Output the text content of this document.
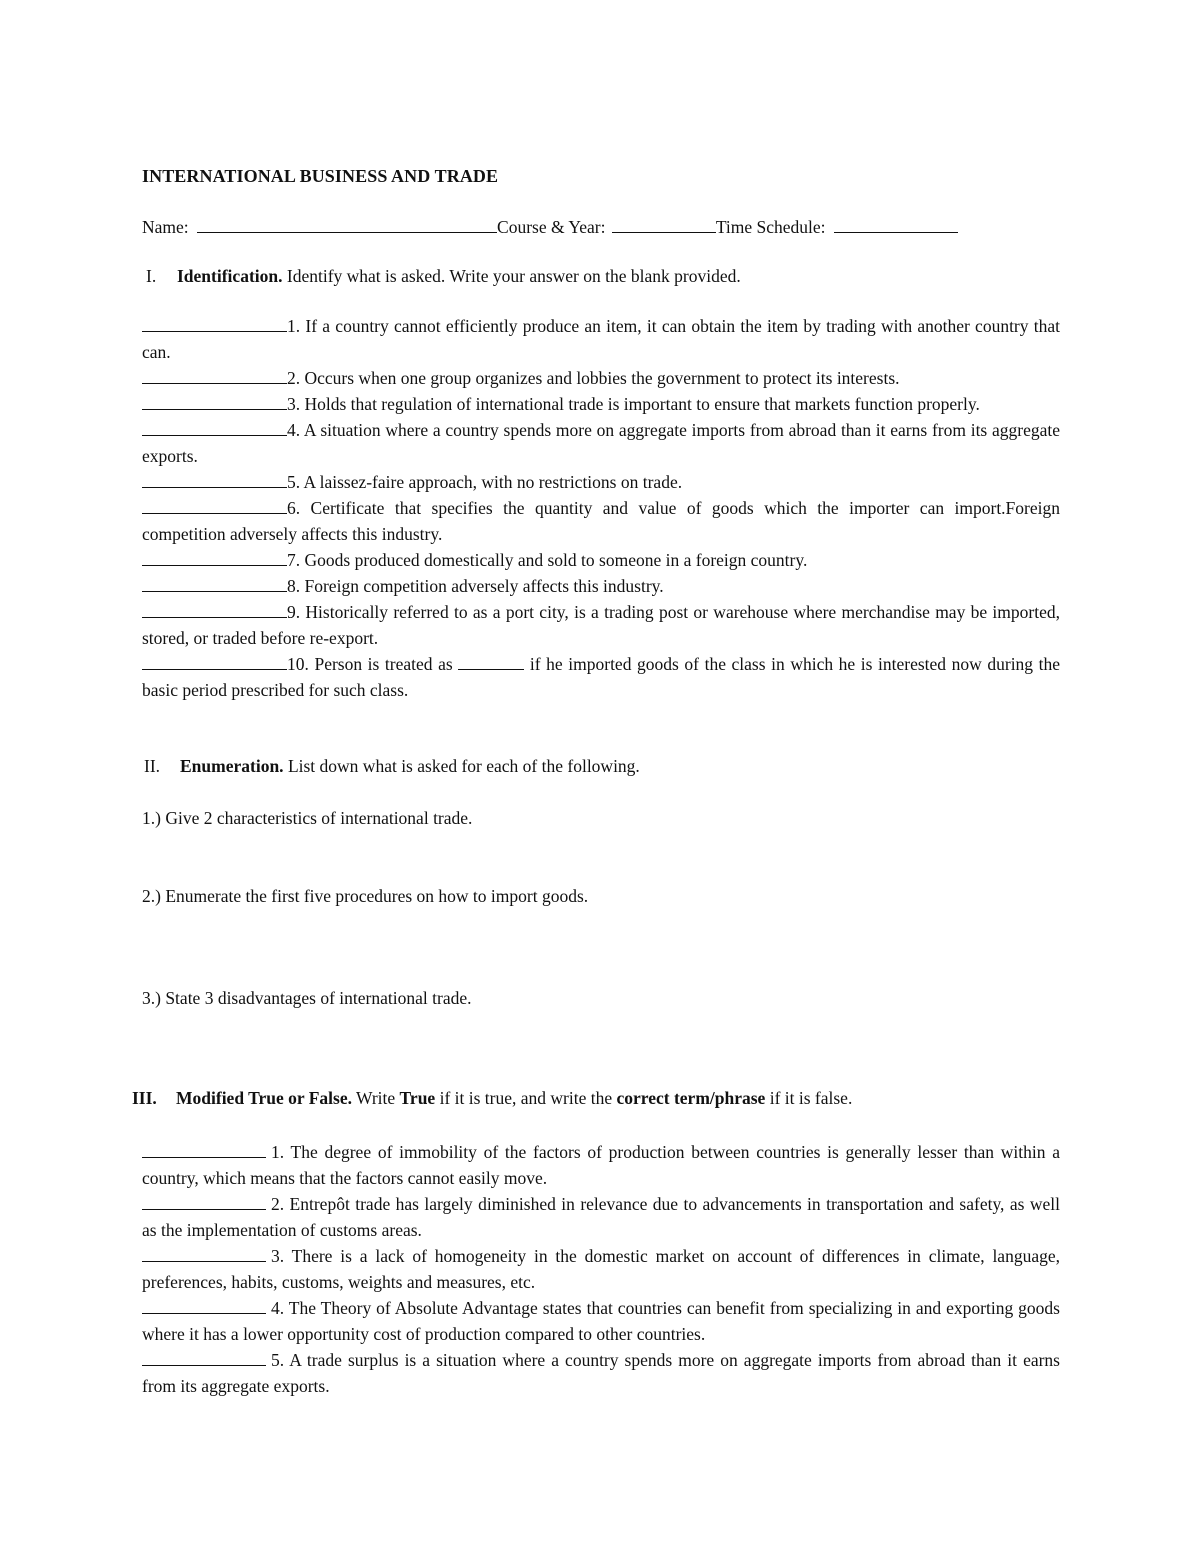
INTERNATIONAL BUSINESS AND TRADE
Name:	Course & Year:	Time Schedule:
I. Identification. Identify what is asked. Write your answer on the blank provided.
1. If a country cannot efficiently produce an item, it can obtain the item by trading with another country that can.
2. Occurs when one group organizes and lobbies the government to protect its interests.
3. Holds that regulation of international trade is important to ensure that markets function properly.
4. A situation where a country spends more on aggregate imports from abroad than it earns from its aggregate exports.
5. A laissez-faire approach, with no restrictions on trade.
6. Certificate that specifies the quantity and value of goods which the importer can import.Foreign competition adversely affects this industry.
7. Goods produced domestically and sold to someone in a foreign country.
8. Foreign competition adversely affects this industry.
9. Historically referred to as a port city, is a trading post or warehouse where merchandise may be imported, stored, or traded before re-export.
10. Person is treated as	if he imported goods of the class in which he is interested now during the basic period prescribed for such class.
II. Enumeration. List down what is asked for each of the following.
1.) Give 2 characteristics of international trade.
2.) Enumerate the first five procedures on how to import goods.
3.) State 3 disadvantages of international trade.
III. Modified True or False. Write True if it is true, and write the correct term/phrase if it is false.
1. The degree of immobility of the factors of production between countries is generally lesser than within a country, which means that the factors cannot easily move.
2. Entrepôt trade has largely diminished in relevance due to advancements in transportation and safety, as well as the implementation of customs areas.
3. There is a lack of homogeneity in the domestic market on account of differences in climate, language, preferences, habits, customs, weights and measures, etc.
4. The Theory of Absolute Advantage states that countries can benefit from specializing in and exporting goods where it has a lower opportunity cost of production compared to other countries.
5. A trade surplus is a situation where a country spends more on aggregate imports from abroad than it earns from its aggregate exports.
